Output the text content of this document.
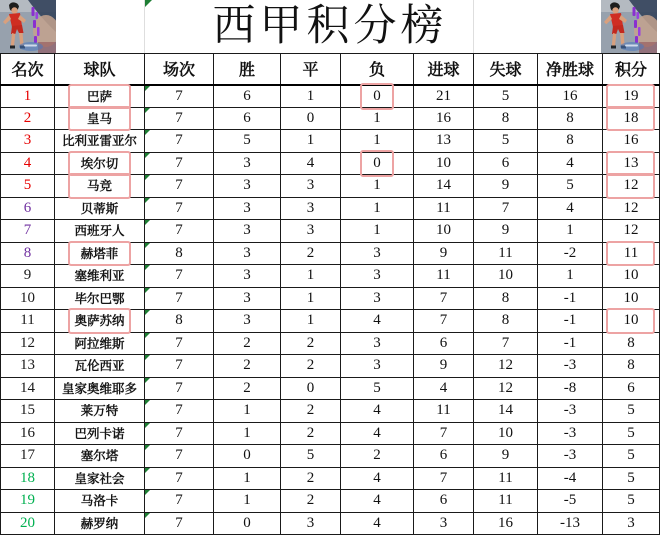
西甲积分榜
名次	球队	场次	胜	平	负	进球	失球	净胜球	积分
1	巴萨	7	6	1	0	21	5	16	19

2	皇马	7	6	0	1	16	8	8	18

3	比利亚雷亚尔	7	5	1	1	13	5	8	16
4	埃尔切	7	3	4	0	10	6	4	13

5	马竞	7	3	3	1	14	9	5	12

6	贝蒂斯	7	3	3	1	11	7	4	12
7	西班牙人	7	3	3	1	10	9	1	12
8	赫塔菲	8	3	2	3	9	11	-2	11

9	塞维利亚	7	3	1	3	11	10	1	10
10	毕尔巴鄂	7	3	1	3	7	8	-1	10
11	奥萨苏纳	8	3	1	4	7	8	-1	10

12	阿拉维斯	7	2	2	3	6	7	-1	8
13	瓦伦西亚	7	2	2	3	9	12	-3	8
14	皇家奥维耶多	7	2	0	5	4	12	-8	6
15	莱万特	7	1	2	4	11	14	-3	5
16	巴列卡诺	7	1	2	4	7	10	-3	5
17	塞尔塔	7	0	5	2	6	9	-3	5
18	皇家社会	7	1	2	4	7	11	-4	5
19	马洛卡	7	1	2	4	6	11	-5	5
20	赫罗纳	7	0	3	4	3	16	-13	3
